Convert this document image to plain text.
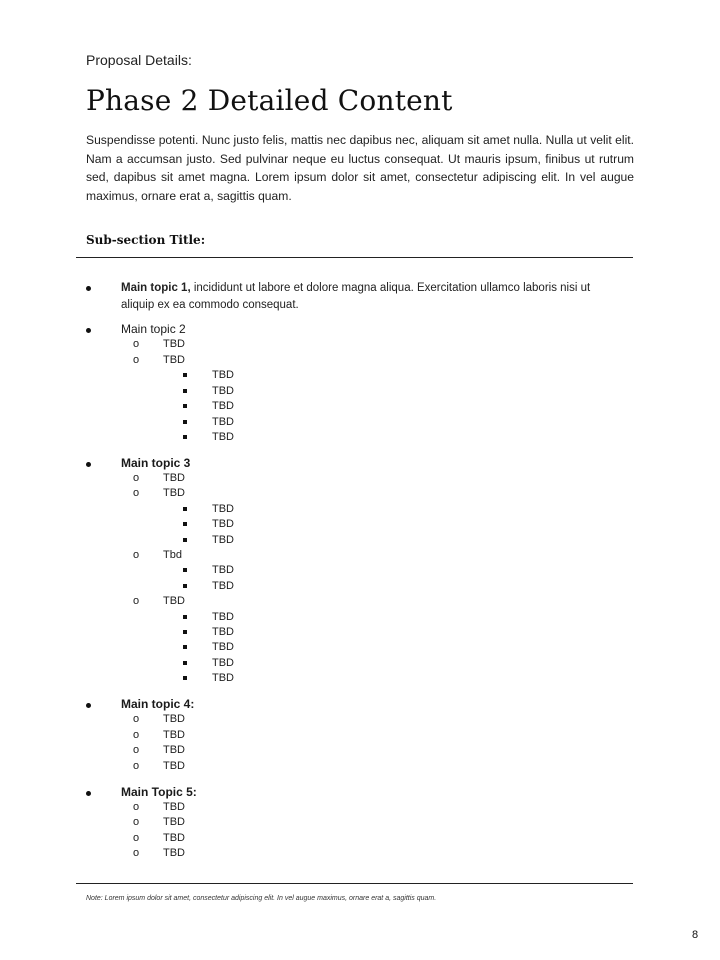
Proposal Details:
Phase 2 Detailed Content

Suspendisse potenti. Nunc justo felis, mattis nec dapibus nec, aliquam sit amet nulla. Nulla ut velit elit. Nam a accumsan justo. Sed pulvinar neque eu luctus consequat. Ut mauris ipsum, finibus ut rutrum sed, dapibus sit amet magna. Lorem ipsum dolor sit amet, consectetur adipiscing elit. In vel augue maximus, ornare erat a, sagittis quam.

Sub-section Title:
Main topic 1, incididunt ut labore et dolore magna aliqua. Exercitation ullamco laboris nisi ut aliquip ex ea commodo consequat.
Main topic 2
o TBD
o TBD
TBD
TBD
TBD
TBD
TBD
Main topic 3
o TBD
o TBD
TBD
TBD
TBD
o Tbd
TBD
TBD
o TBD
TBD
TBD
TBD
TBD
TBD
Main topic 4:
o TBD
o TBD
o TBD
o TBD
Main Topic 5:
o TBD
o TBD
o TBD
o TBD
Note: Lorem ipsum dolor sit amet, consectetur adipiscing elit. In vel augue maximus, ornare erat a, sagittis quam.
8
